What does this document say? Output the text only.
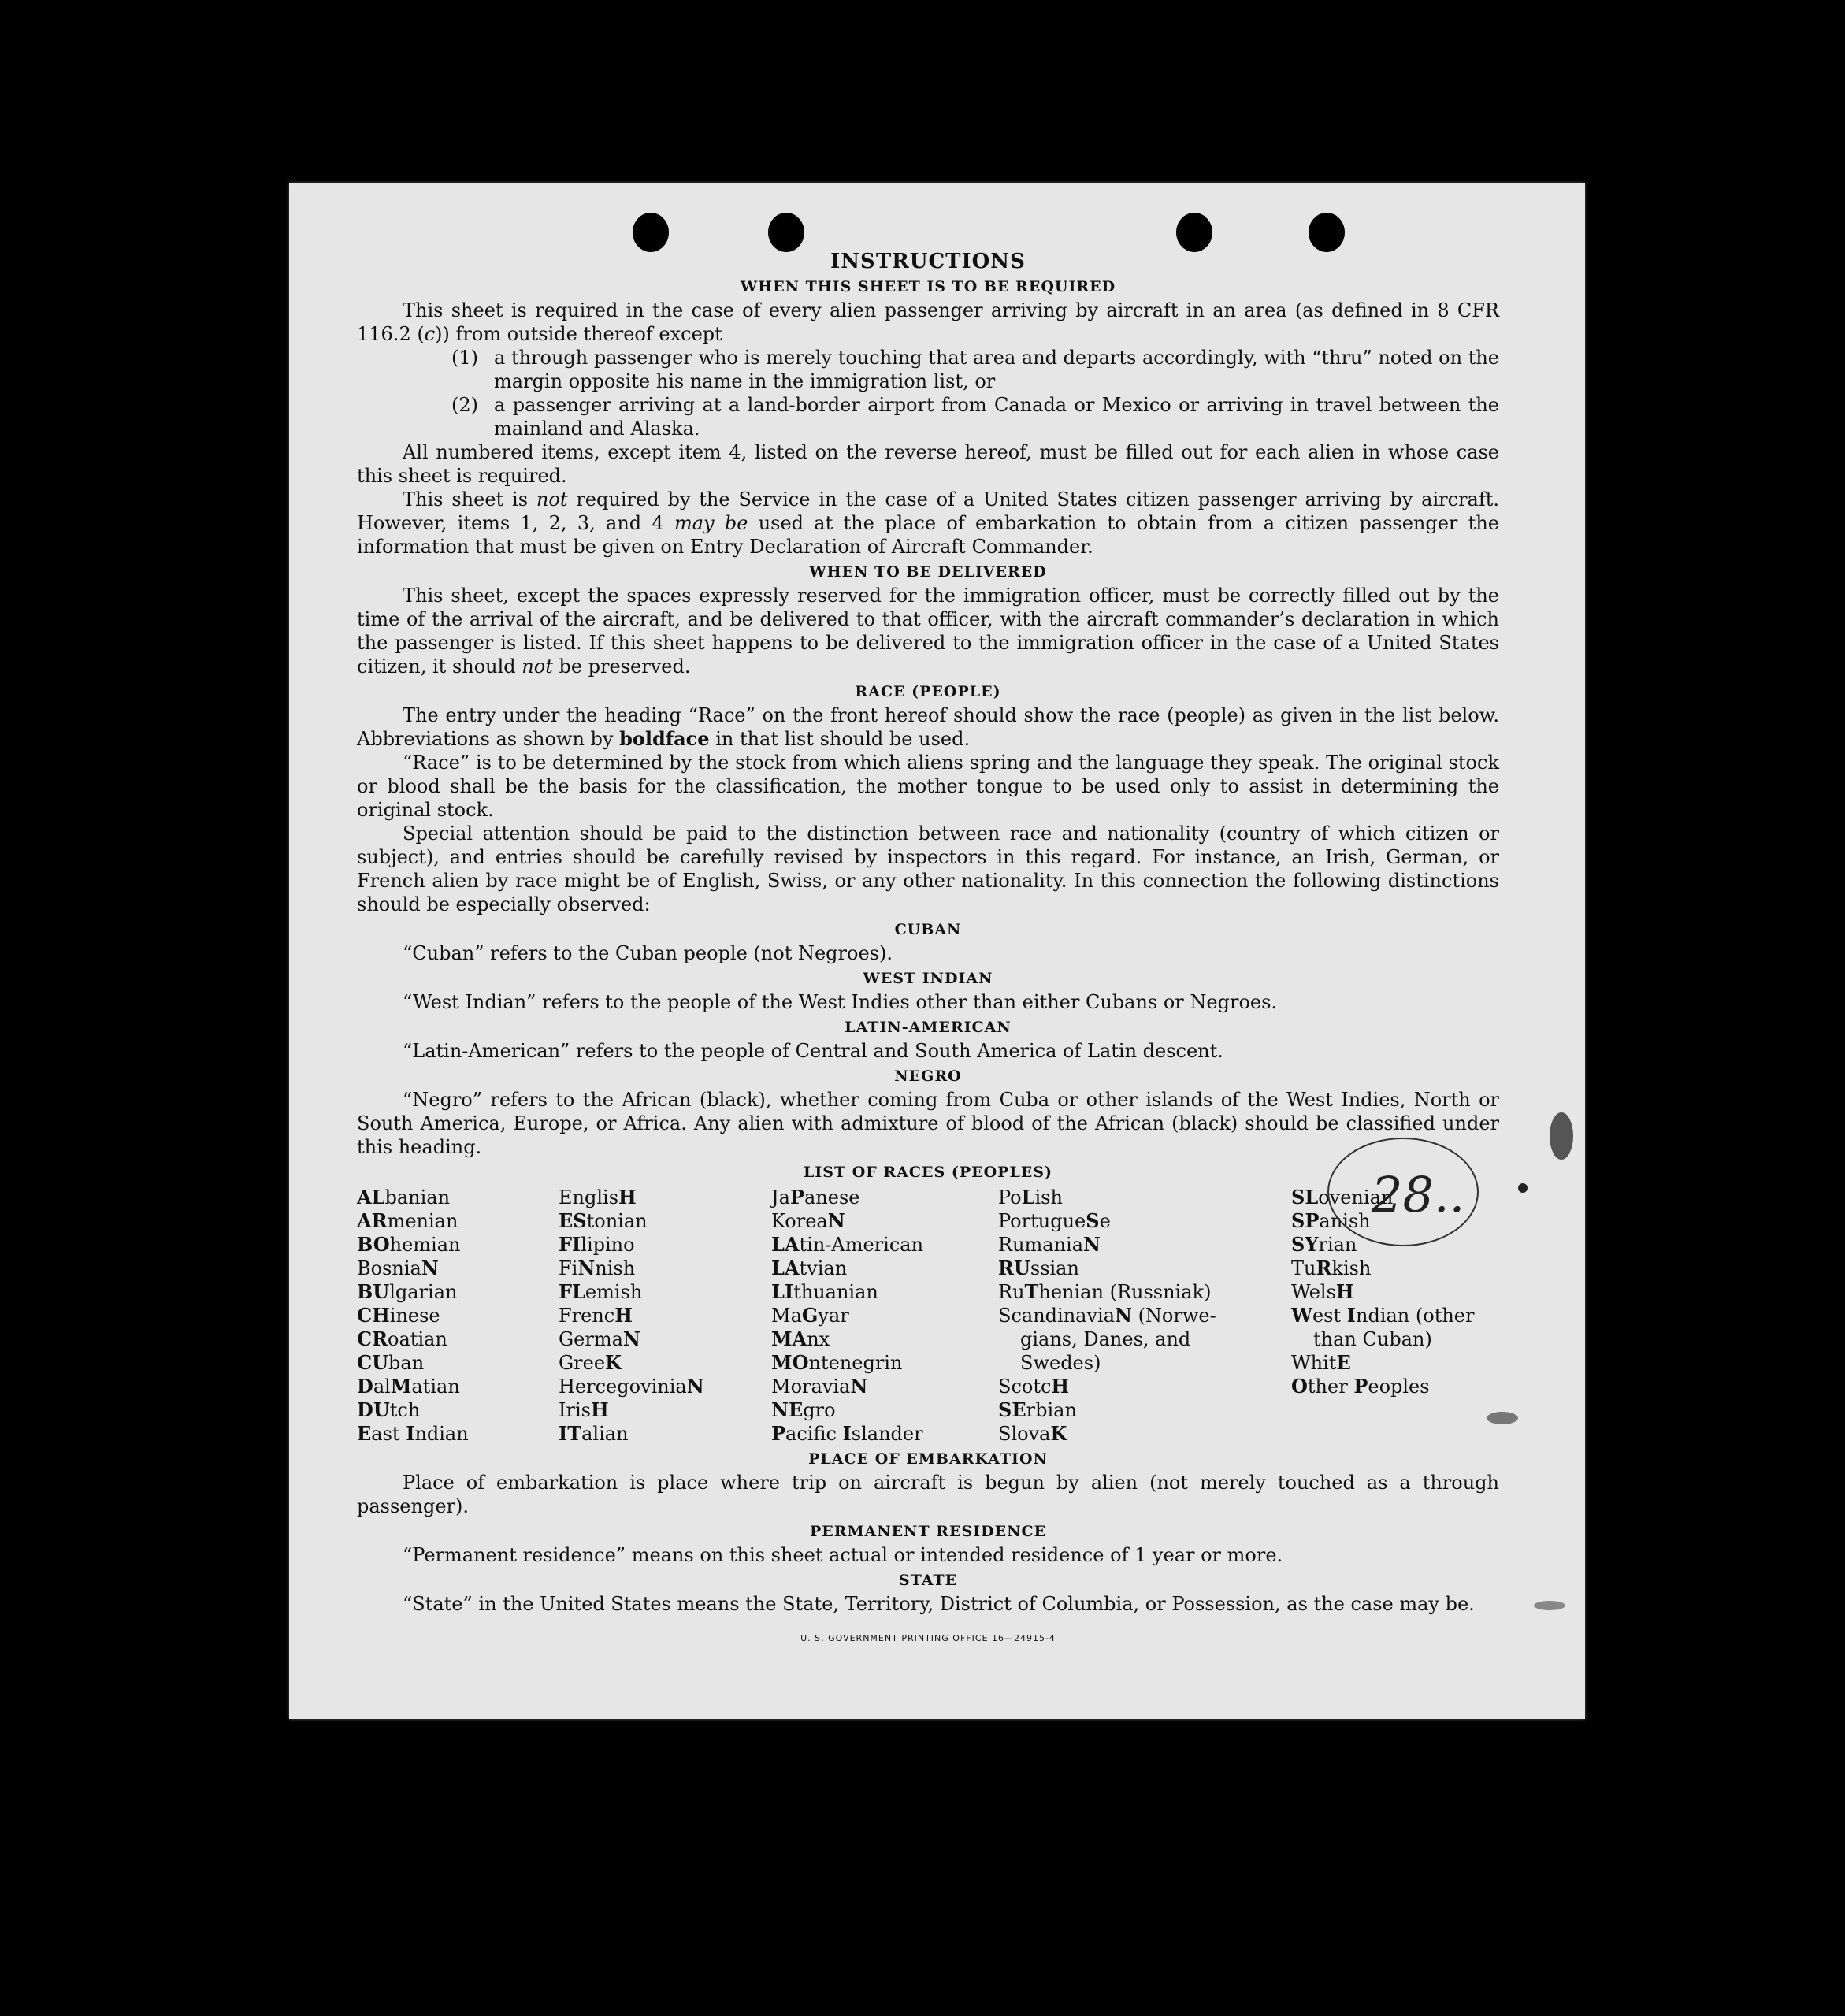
INSTRUCTIONS
WHEN THIS SHEET IS TO BE REQUIRED

This sheet is required in the case of every alien passenger arriving by aircraft in an area (as defined in 8 CFR 116.2 (c)) from outside thereof except

(1) a through passenger who is merely touching that area and departs accordingly, with “thru” noted on the margin opposite his name in the immigration list, or
(2) a passenger arriving at a land-border airport from Canada or Mexico or arriving in travel between the mainland and Alaska.

All numbered items, except item 4, listed on the reverse hereof, must be filled out for each alien in whose case this sheet is required.

This sheet is not required by the Service in the case of a United States citizen passenger arriving by aircraft. However, items 1, 2, 3, and 4 may be used at the place of embarkation to obtain from a citizen passenger the information that must be given on Entry Declaration of Aircraft Commander.

WHEN TO BE DELIVERED

This sheet, except the spaces expressly reserved for the immigration officer, must be correctly filled out by the time of the arrival of the aircraft, and be delivered to that officer, with the aircraft commander’s declaration in which the passenger is listed. If this sheet happens to be delivered to the immigration officer in the case of a United States citizen, it should not be preserved.

RACE (PEOPLE)

The entry under the heading “Race” on the front hereof should show the race (people) as given in the list below. Abbreviations as shown by boldface in that list should be used.

“Race” is to be determined by the stock from which aliens spring and the language they speak. The original stock or blood shall be the basis for the classification, the mother tongue to be used only to assist in determining the original stock.

Special attention should be paid to the distinction between race and nationality (country of which citizen or subject), and entries should be carefully revised by inspectors in this regard. For instance, an Irish, German, or French alien by race might be of English, Swiss, or any other nationality. In this connection the following distinctions should be especially observed:

CUBAN

“Cuban” refers to the Cuban people (not Negroes).

WEST INDIAN

“West Indian” refers to the people of the West Indies other than either Cubans or Negroes.

LATIN-AMERICAN

“Latin-American” refers to the people of Central and South America of Latin descent.

NEGRO

“Negro” refers to the African (black), whether coming from Cuba or other islands of the West Indies, North or South America, Europe, or Africa. Any alien with admixture of blood of the African (black) should be classified under this heading.

LIST OF RACES (PEOPLES)
ALbanian
ARmenian
BOhemian
BosniaN
BUlgarian
CHinese
CRoatian
CUban
DalMatian
DUtch
East Indian
EnglisH
EStonian
FIlipino
FiNnish
FLemish
FrencH
GermaN
GreeK
HercegoviniaN
IrisH
ITalian
JaPanese
KoreaN
LAtin-American
LAtvian
LIthuanian
MaGyar
MAnx
MOntenegrin
MoraviaN
NEgro
Pacific Islander
PoLish
PortugueSe
RumaniaN
RUssian
RuThenian (Russniak)
ScandinaviaN (Norwe-
gians, Danes, and
Swedes)
ScotcH
SErbian
SlovaK
SLovenian
SPanish
SYrian
TuRkish
WelsH
West Indian (other
than Cuban)
WhitE
Other Peoples
PLACE OF EMBARKATION

Place of embarkation is place where trip on aircraft is begun by alien (not merely touched as a through passenger).

PERMANENT RESIDENCE

“Permanent residence” means on this sheet actual or intended residence of 1 year or more.

STATE

“State” in the United States means the State, Territory, District of Columbia, or Possession, as the case may be.

U. S. GOVERNMENT PRINTING OFFICE 16—24915-4
28..
